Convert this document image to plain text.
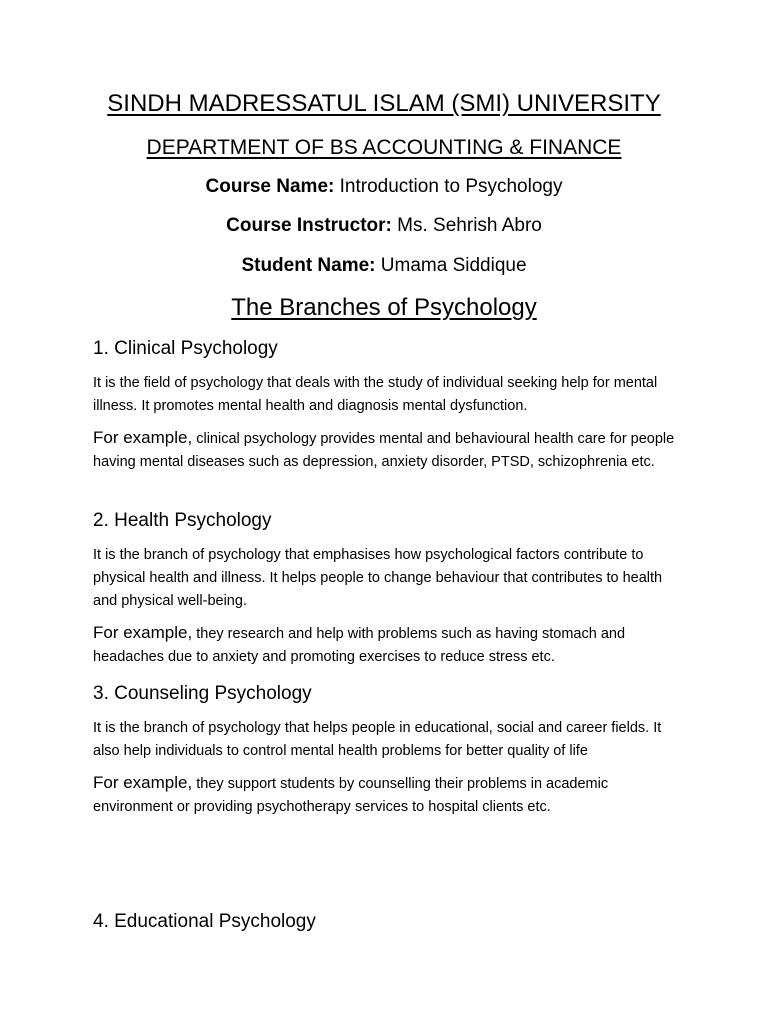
SINDH MADRESSATUL ISLAM (SMI) UNIVERSITY
DEPARTMENT OF BS ACCOUNTING & FINANCE
Course Name: Introduction to Psychology
Course Instructor: Ms. Sehrish Abro
Student Name: Umama Siddique
The Branches of Psychology
1. Clinical Psychology
It is the field of psychology that deals with the study of individual seeking help for mental illness. It promotes mental health and diagnosis mental dysfunction.
For example, clinical psychology provides mental and behavioural health care for people having mental diseases such as depression, anxiety disorder, PTSD, schizophrenia etc.
2. Health Psychology
It is the branch of psychology that emphasises how psychological factors contribute to physical health and illness. It helps people to change behaviour that contributes to health and physical well-being.
For example, they research and help with problems such as having stomach and headaches due to anxiety and promoting exercises to reduce stress etc.
3. Counseling Psychology
It is the branch of psychology that helps people in educational, social and career fields. It also help individuals to control mental health problems for better quality of life
For example, they support students by counselling their problems in academic environment or providing psychotherapy services to hospital clients etc.
4. Educational Psychology
